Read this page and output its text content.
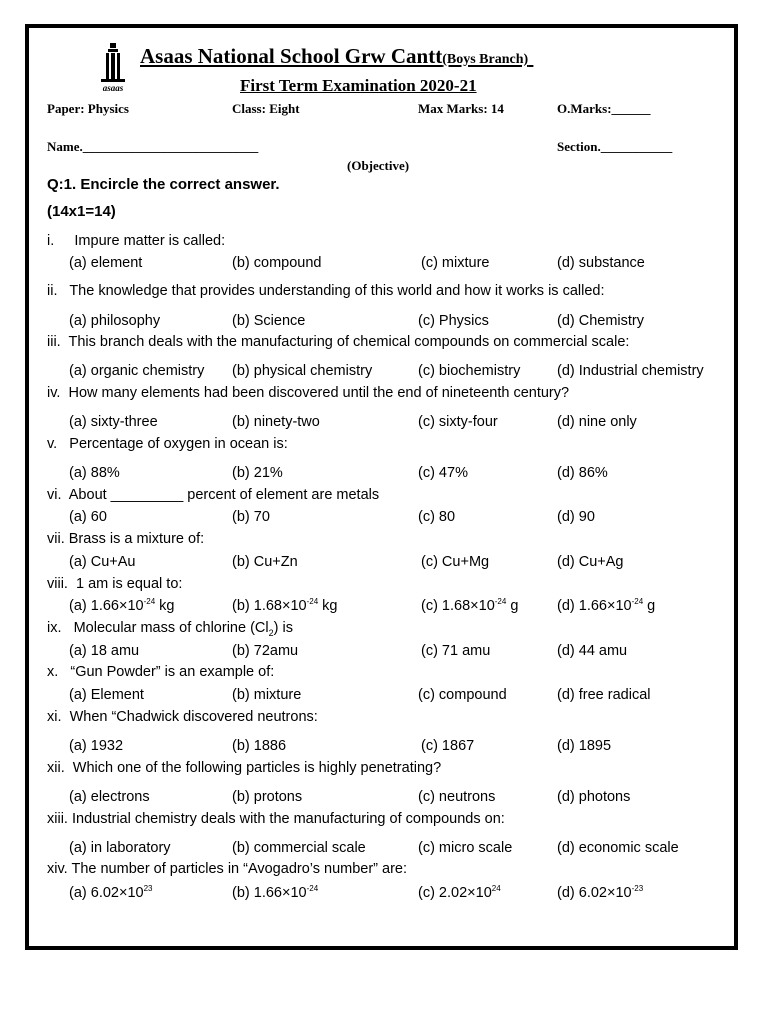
asaas
Asaas National School Grw Cantt(Boys Branch)
First Term Examination 2020-21
Paper: Physics	Class: Eight	Max Marks: 14	O.Marks:______
Name.___________________________	Section.___________
(Objective)
Q:1. Encircle the correct answer.
(14x1=14)
i. Impure matter is called:
(a) element	(b) compound	(c) mixture	(d) substance
ii. The knowledge that provides understanding of this world and how it works is called:
(a) philosophy	(b) Science	(c) Physics	(d) Chemistry
iii. This branch deals with the manufacturing of chemical compounds on commercial scale:
(a) organic chemistry (b) physical chemistry	(c) biochemistry	(d) Industrial chemistry
iv. How many elements had been discovered until the end of nineteenth century?
(a) sixty-three	(b) ninety-two	(c) sixty-four	(d) nine only
v. Percentage of oxygen in ocean is:
(a) 88%	(b) 21%	(c) 47%	(d) 86%
vi. About _________ percent of element are metals
(a) 60	(b) 70	(c) 80	(d) 90
vii. Brass is a mixture of:
(a) Cu+Au	(b) Cu+Zn	(c) Cu+Mg	(d) Cu+Ag
viii. 1 am is equal to:
(a) $1.66\times 10^{-24}$ kg	(b) $1.68\times 10^{-24}$ kg	(c) $1.68\times 10^{-24}$ g	(d) $1.66\times 10^{-24}$ g
ix. Molecular mass of chlorine $(Cl_2)$ is
(a) 18 amu	(b) 72amu	(c) 71 amu	(d) 44 amu
x. “Gun Powder” is an example of:
(a) Element	(b) mixture	(c) compound	(d) free radical
xi. When “Chadwick discovered neutrons:
(a) 1932	(b) 1886	(c) 1867	(d) 1895
xii. Which one of the following particles is highly penetrating?
(a) electrons	(b) protons	(c) neutrons	(d) photons
xiii. Industrial chemistry deals with the manufacturing of compounds on:
(a) in laboratory	(b) commercial scale	(c) micro scale	(d) economic scale
xiv. The number of particles in “Avogadro’s number” are:
(a) $6.02\times 10^{23}$	(b) $1.66\times 10^{-24}$	(c) $2.02\times 10^{24}$	(d) $6.02\times 10^{-23}$
